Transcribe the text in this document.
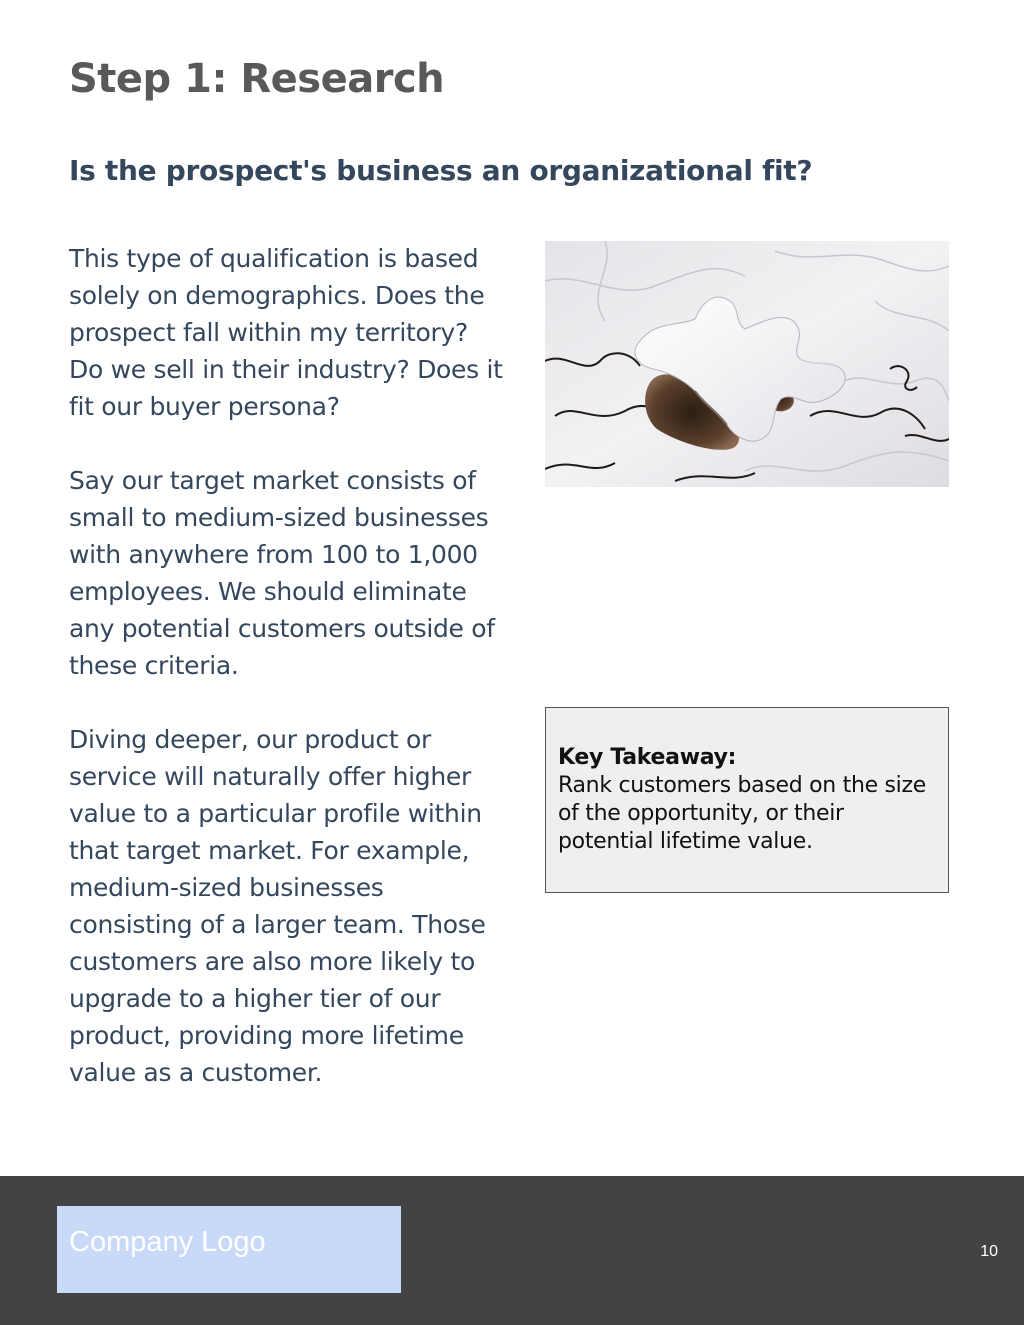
Step 1: Research
Is the prospect's business an organizational fit?

This type of qualification is based solely on demographics. Does the prospect fall within my territory? Do we sell in their industry? Does it fit our buyer persona?

Say our target market consists of small to medium-sized businesses with anywhere from 100 to 1,000 employees. We should eliminate any potential customers outside of these criteria.

Diving deeper, our product or service will naturally offer higher value to a particular profile within that target market. For example, medium-sized businesses consisting of a larger team. Those customers are also more likely to upgrade to a higher tier of our product, providing more lifetime value as a customer.

Key Takeaway:
Rank customers based on the size of the opportunity, or their potential lifetime value.
Company Logo	10
